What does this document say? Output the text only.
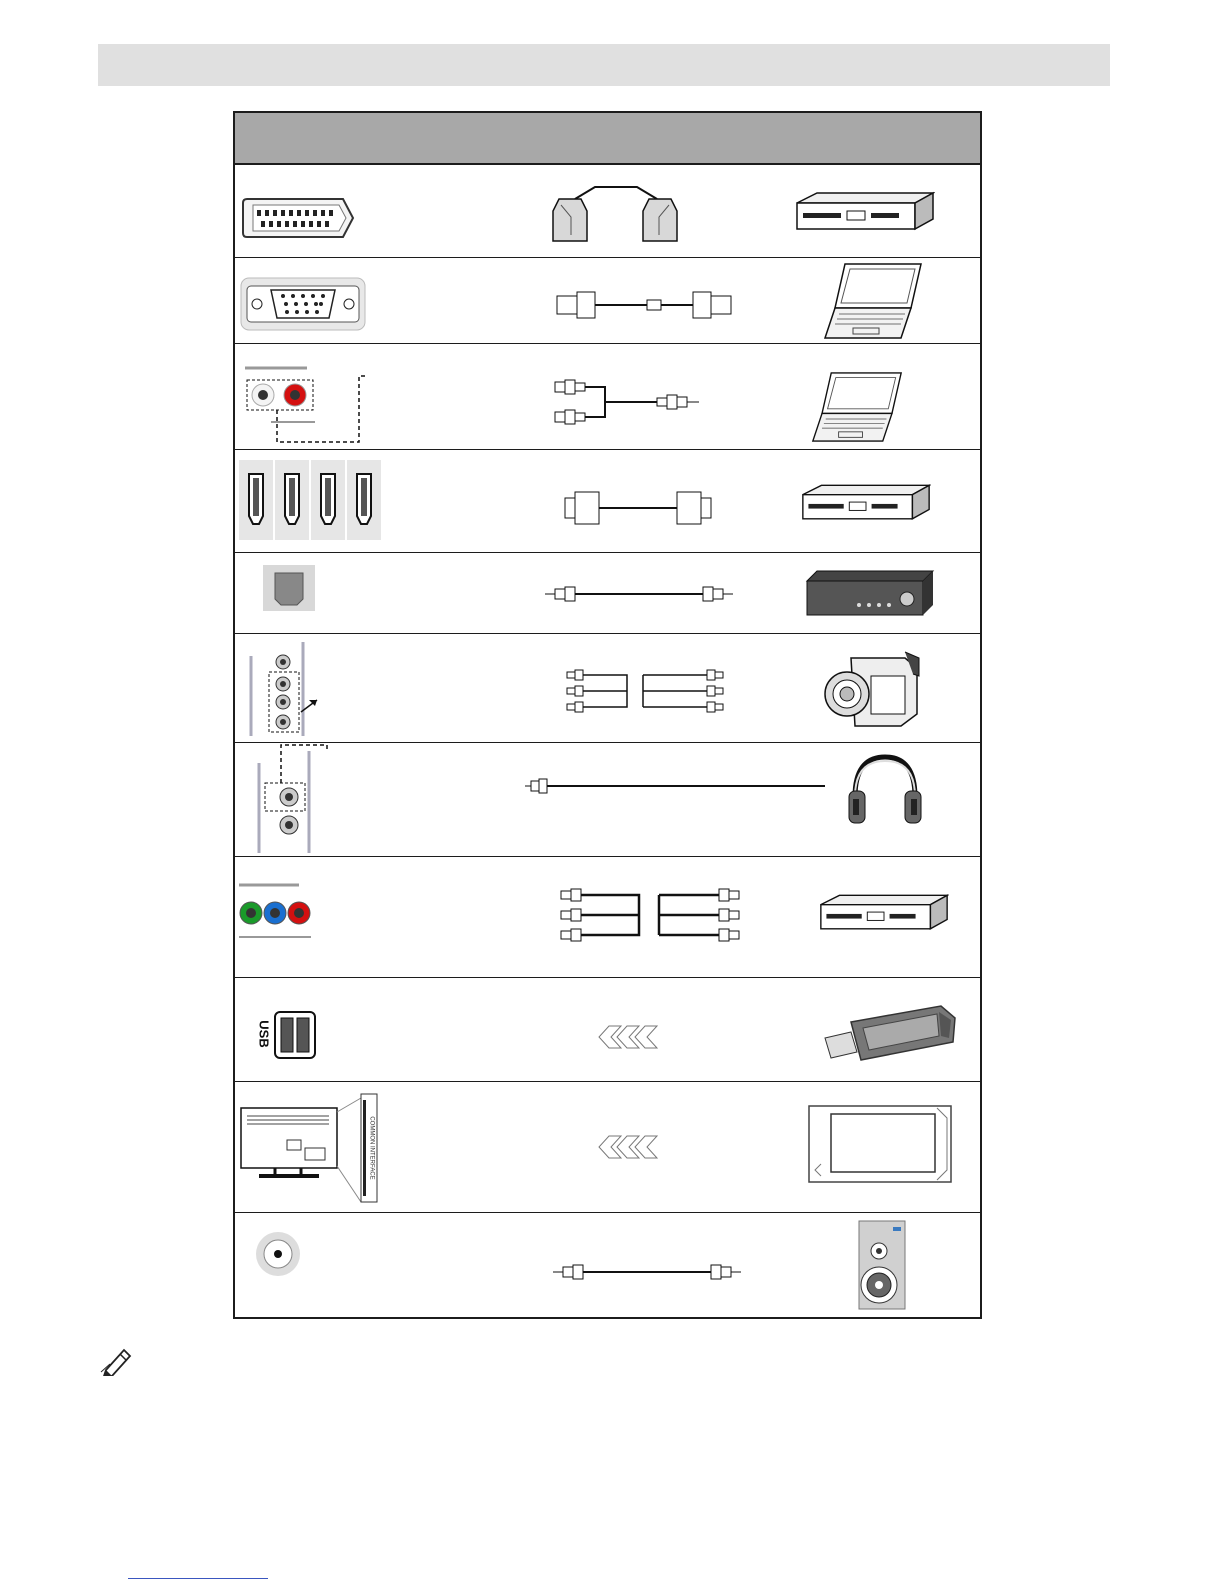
USB
COMMON INTERFACE
